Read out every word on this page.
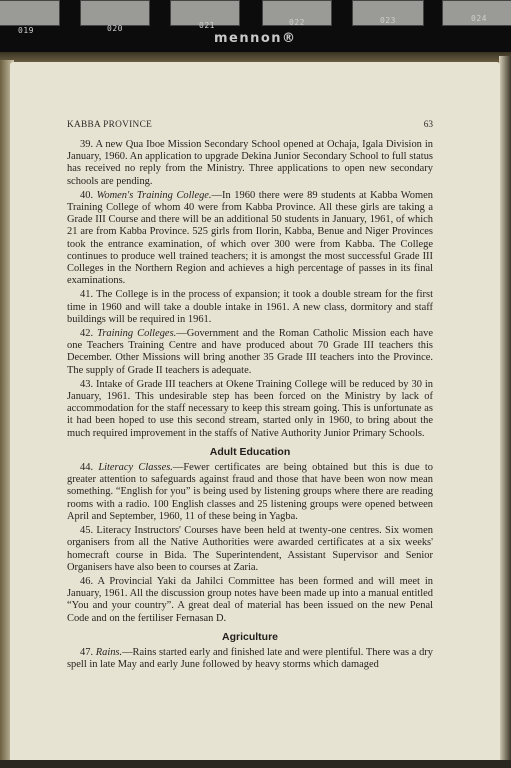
019	020	021	022	023	024
mennon®
KABBA PROVINCE	63

39. A new Qua Iboe Mission Secondary School opened at Ochaja, Igala Division in January, 1960. An application to upgrade Dekina Junior Secondary School to full status has received no reply from the Ministry. Three applications to open new secondary schools are pending.

40. Women's Training College.—In 1960 there were 89 students at Kabba Women Training College of whom 40 were from Kabba Province. All these girls are taking a Grade III Course and there will be an additional 50 students in January, 1961, of which 21 are from Kabba Province. 525 girls from Ilorin, Kabba, Benue and Niger Provinces took the entrance examination, of which over 300 were from Kabba. The College continues to produce well trained teachers; it is amongst the most successful Grade III Colleges in the Northern Region and achieves a high percentage of passes in its final examinations.

41. The College is in the process of expansion; it took a double stream for the first time in 1960 and will take a double intake in 1961. A new class, dormitory and staff buildings will be required in 1961.

42. Training Colleges.—Government and the Roman Catholic Mission each have one Teachers Training Centre and have produced about 70 Grade III teachers this December. Other Missions will bring another 35 Grade III teachers into the Province. The supply of Grade II teachers is adequate.

43. Intake of Grade III teachers at Okene Training College will be reduced by 30 in January, 1961. This undesirable step has been forced on the Ministry by lack of accommodation for the staff necessary to keep this stream going. This is unfortunate as it had been hoped to use this second stream, started only in 1960, to bring about the much required improvement in the staffs of Native Authority Junior Primary Schools.

Adult Education

44. Literacy Classes.—Fewer certificates are being obtained but this is due to greater attention to safeguards against fraud and those that have been won now mean something. “English for you” is being used by listening groups where there are reading rooms with a radio. 100 English classes and 25 listening groups were opened between April and September, 1960, 11 of these being in Yagba.

45. Literacy Instructors' Courses have been held at twenty-one centres. Six women organisers from all the Native Authorities were awarded certificates at a six weeks' homecraft course in Bida. The Superintendent, Assistant Supervisor and Senior Organisers have also been to courses at Zaria.

46. A Provincial Yaki da Jahilci Committee has been formed and will meet in January, 1961. All the discussion group notes have been made up into a manual entitled “You and your country”. A great deal of material has been issued on the new Penal Code and on the fertiliser Fernasan D.

Agriculture

47. Rains.—Rains started early and finished late and were plentiful. There was a dry spell in late May and early June followed by heavy storms which damaged
